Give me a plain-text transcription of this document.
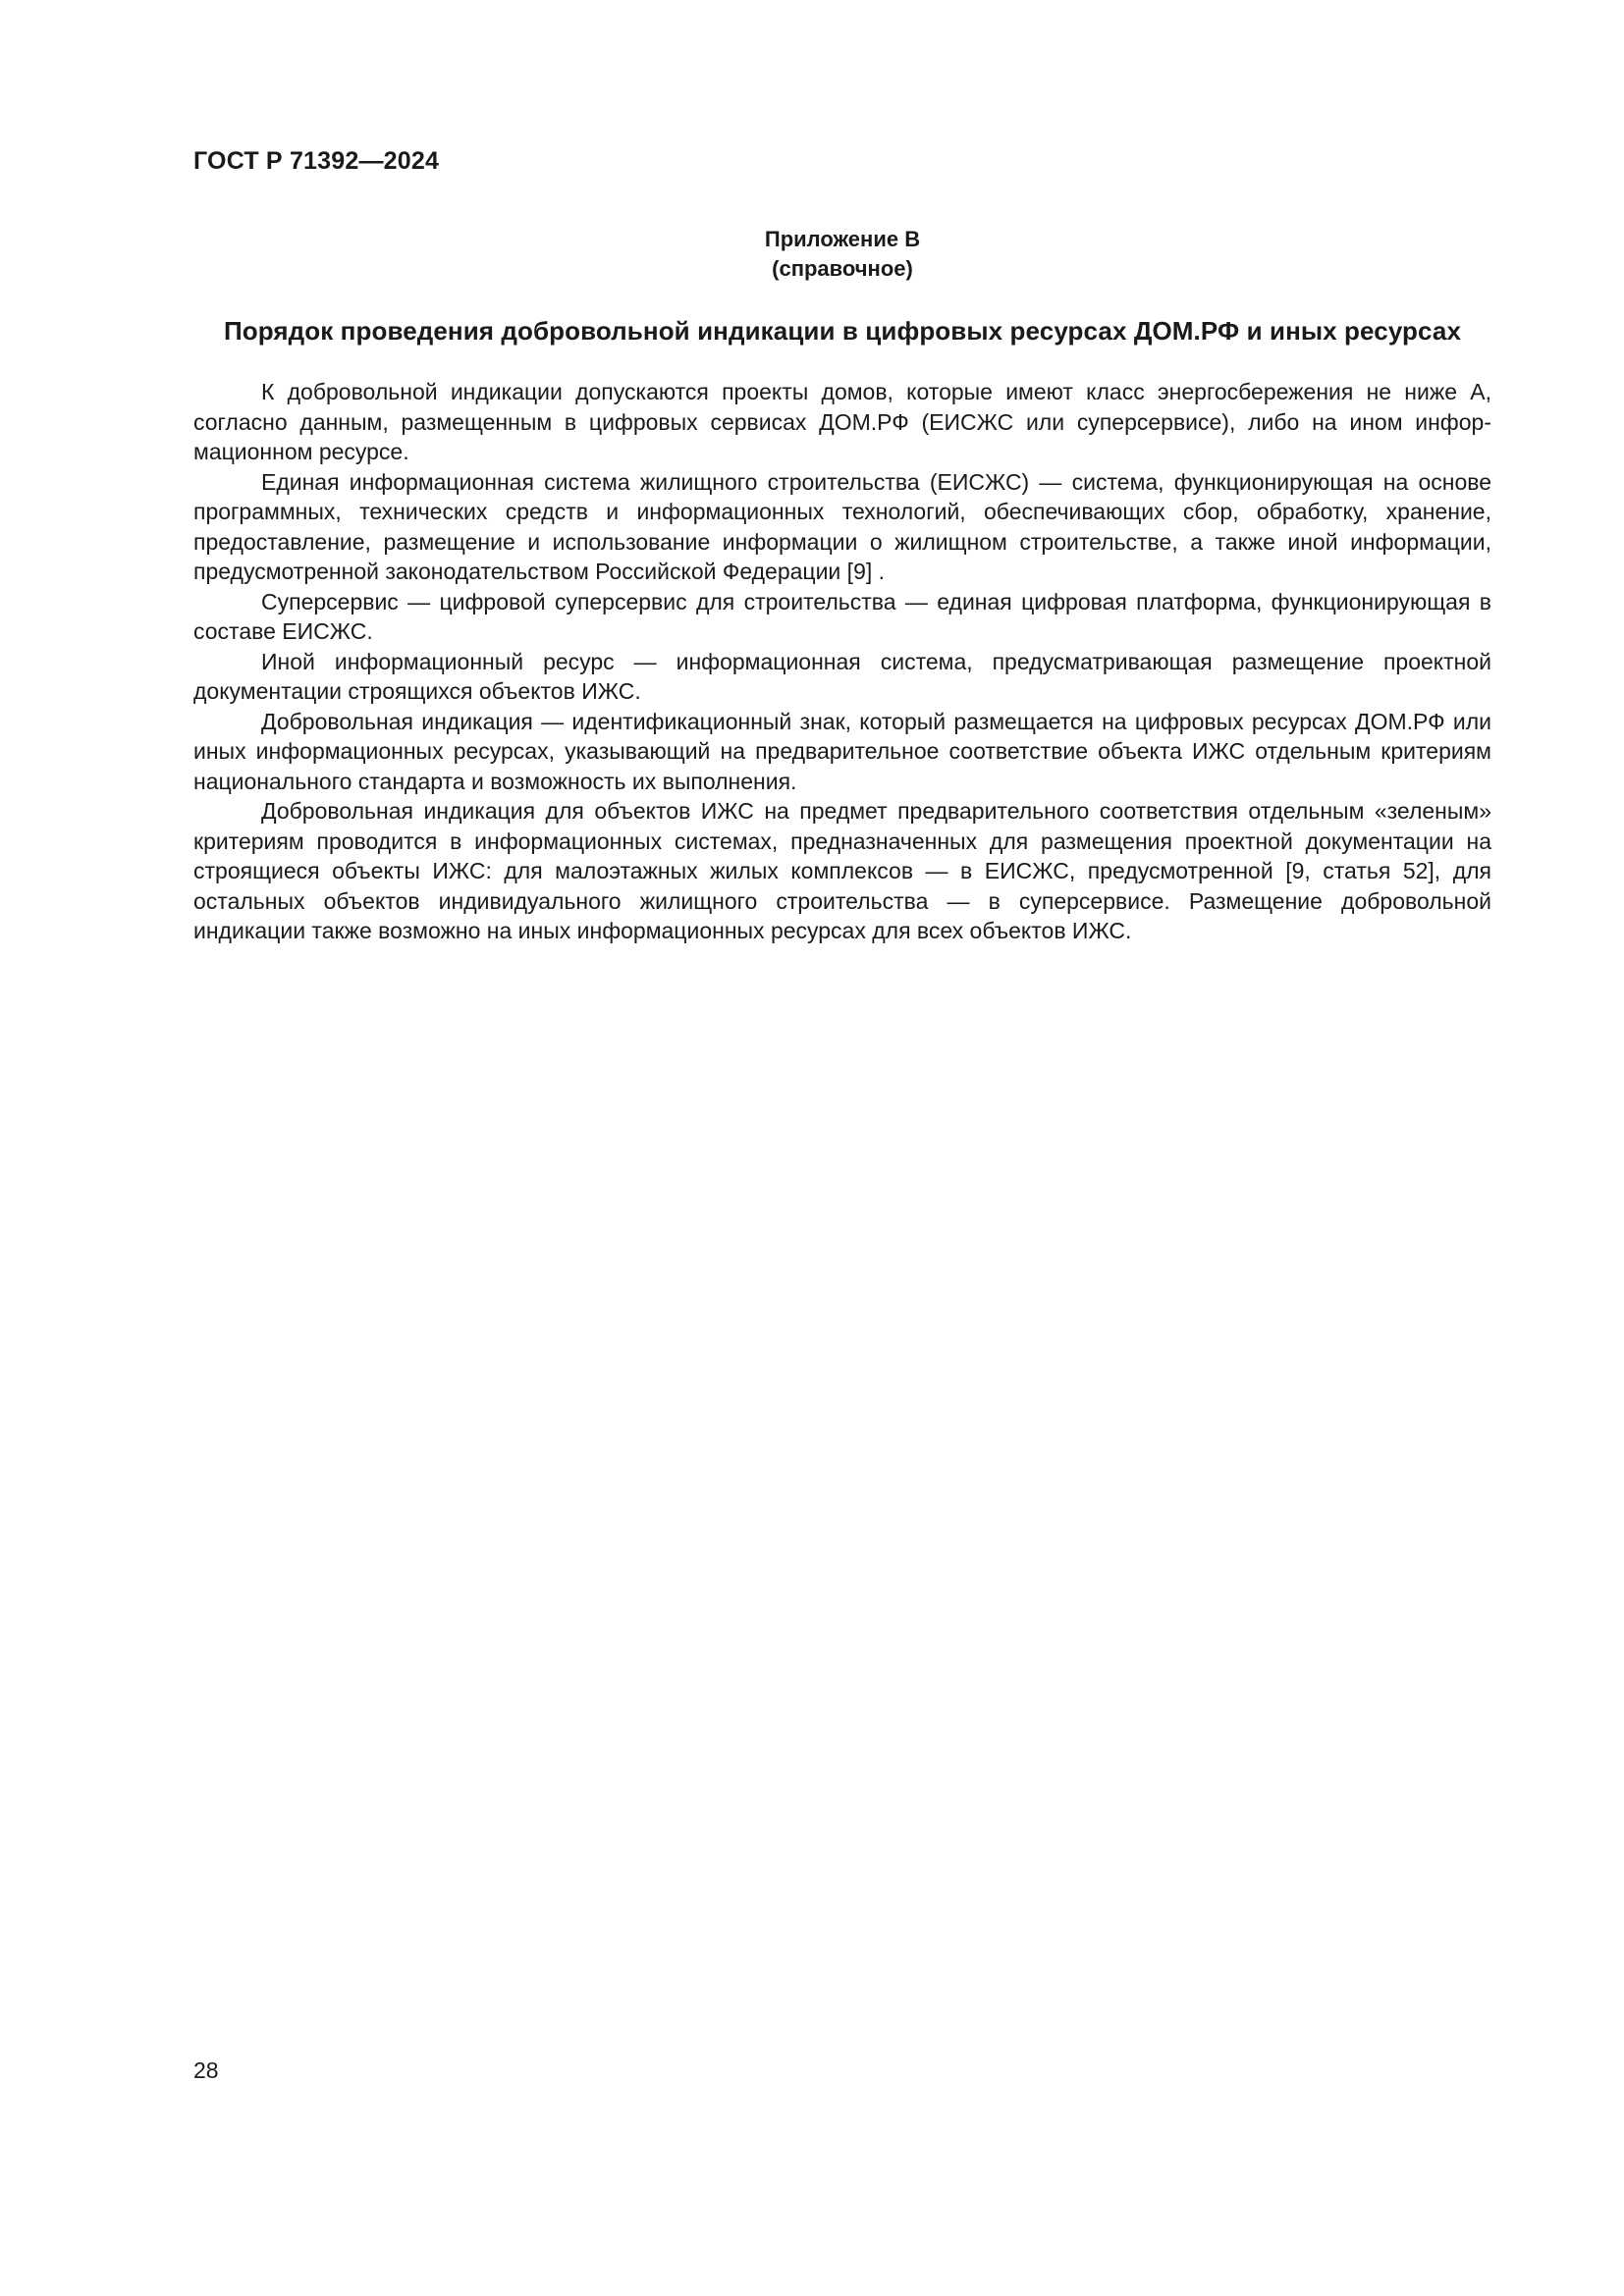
ГОСТ Р 71392—2024
Приложение В
(справочное)
Порядок проведения добровольной индикации в цифровых ресурсах ДОМ.РФ и иных ресурсах

К добровольной индикации допускаются проекты домов, которые имеют класс энергосбережения не ниже А, согласно данным, размещенным в цифровых сервисах ДОМ.РФ (ЕИСЖС или суперсервисе), либо на ином информационном ресурсе.

Единая информационная система жилищного строительства (ЕИСЖС) — система, функционирующая на основе программных, технических средств и информационных технологий, обеспечивающих сбор, обработку, хранение, предоставление, размещение и использование информации о жилищном строительстве, а также иной информации, предусмотренной законодательством Российской Федерации [9] .

Суперсервис — цифровой суперсервис для строительства — единая цифровая платформа, функционирующая в составе ЕИСЖС.

Иной информационный ресурс — информационная система, предусматривающая размещение проектной документации строящихся объектов ИЖС.

Добровольная индикация — идентификационный знак, который размещается на цифровых ресурсах ДОМ.РФ или иных информационных ресурсах, указывающий на предварительное соответствие объекта ИЖС отдельным критериям национального стандарта и возможность их выполнения.

Добровольная индикация для объектов ИЖС на предмет предварительного соответствия отдельным «зеленым» критериям проводится в информационных системах, предназначенных для размещения проектной документации на строящиеся объекты ИЖС: для малоэтажных жилых комплексов — в ЕИСЖС, предусмотренной [9, статья 52], для остальных объектов индивидуального жилищного строительства — в суперсервисе. Размещение добровольной индикации также возможно на иных информационных ресурсах для всех объектов ИЖС.

28
